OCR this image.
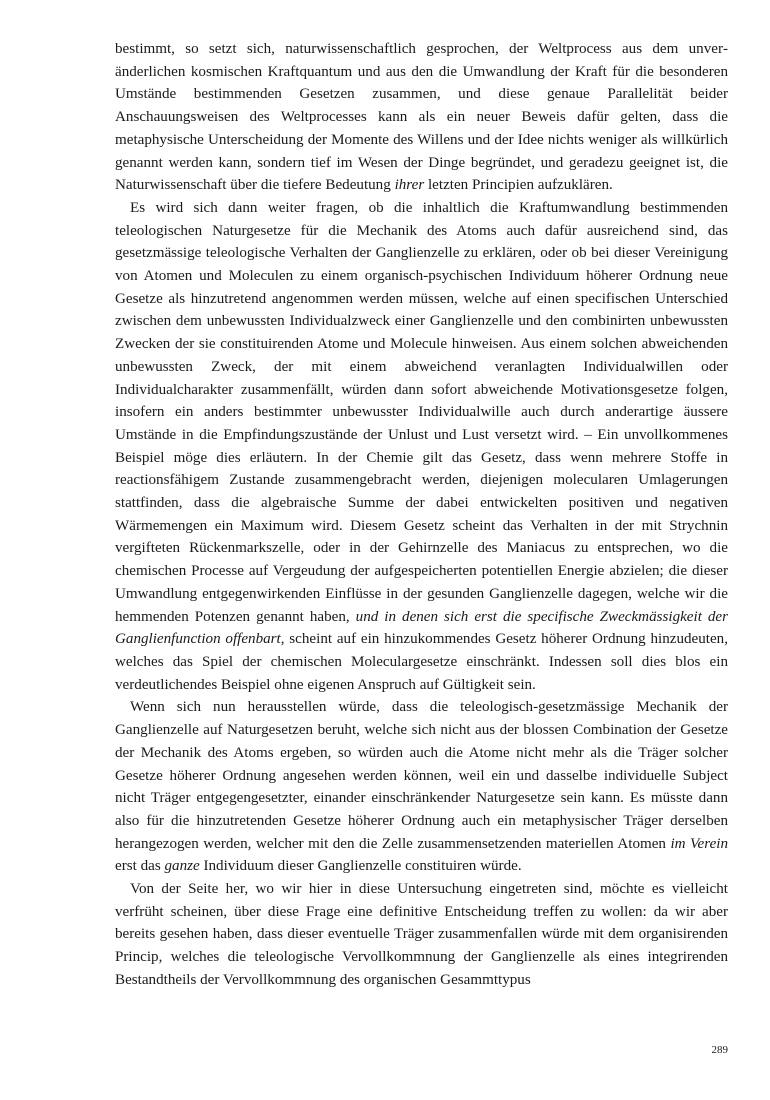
bestimmt, so setzt sich, naturwissenschaftlich gesprochen, der Weltprocess aus dem unveränderlichen kosmischen Kraftquantum und aus den die Umwandlung der Kraft für die besonderen Umstände bestimmenden Gesetzen zusammen, und diese genaue Parallelität beider Anschauungsweisen des Weltprocesses kann als ein neuer Beweis dafür gelten, dass die metaphysische Unterscheidung der Momente des Willens und der Idee nichts weniger als willkürlich genannt werden kann, sondern tief im Wesen der Dinge begründet, und geradezu geeignet ist, die Naturwissenschaft über die tiefere Bedeutung ihrer letzten Principien aufzuklären.

Es wird sich dann weiter fragen, ob die inhaltlich die Kraftumwandlung bestimmenden teleologischen Naturgesetze für die Mechanik des Atoms auch dafür ausreichend sind, das gesetzmässige teleologische Verhalten der Ganglienzelle zu erklären, oder ob bei dieser Vereinigung von Atomen und Moleculen zu einem organisch-psychischen Individuum höherer Ordnung neue Gesetze als hinzutretend angenommen werden müssen, welche auf einen specifischen Unterschied zwischen dem unbewussten Individualzweck einer Ganglienzelle und den combinirten unbewussten Zwecken der sie constituirenden Atome und Molecule hinweisen. Aus einem solchen abweichenden unbewussten Zweck, der mit einem abweichend veranlagten Individualwillen oder Individualcharakter zusammenfällt, würden dann sofort abweichende Motivationsgesetze folgen, insofern ein anders bestimmter unbewusster Individualwille auch durch anderartige äussere Umstände in die Empfindungszustände der Unlust und Lust versetzt wird. – Ein unvollkommenes Beispiel möge dies erläutern. In der Chemie gilt das Gesetz, dass wenn mehrere Stoffe in reactionsfähigem Zustande zusammengebracht werden, diejenigen molecularen Umlagerungen stattfinden, dass die algebraische Summe der dabei entwickelten positiven und negativen Wärmemengen ein Maximum wird. Diesem Gesetz scheint das Verhalten in der mit Strychnin vergifteten Rückenmarkszelle, oder in der Gehirnzelle des Maniacus zu entsprechen, wo die chemischen Processe auf Vergeudung der aufgespeicherten potentiellen Energie abzielen; die dieser Umwandlung entgegenwirkenden Einflüsse in der gesunden Ganglienzelle dagegen, welche wir die hemmenden Potenzen genannt haben, und in denen sich erst die specifische Zweckmässigkeit der Ganglienfunction offenbart, scheint auf ein hinzukommendes Gesetz höherer Ordnung hinzudeuten, welches das Spiel der chemischen Moleculargesetze einschränkt. Indessen soll dies blos ein verdeutlichendes Beispiel ohne eigenen Anspruch auf Gültigkeit sein.

Wenn sich nun herausstellen würde, dass die teleologisch-gesetzmässige Mechanik der Ganglienzelle auf Naturgesetzen beruht, welche sich nicht aus der blossen Combination der Gesetze der Mechanik des Atoms ergeben, so würden auch die Atome nicht mehr als die Träger solcher Gesetze höherer Ordnung angesehen werden können, weil ein und dasselbe individuelle Subject nicht Träger entgegengesetzter, einander einschränkender Naturgesetze sein kann. Es müsste dann also für die hinzutretenden Gesetze höherer Ordnung auch ein metaphysischer Träger derselben herangezogen werden, welcher mit den die Zelle zusammensetzenden materiellen Atomen im Verein erst das ganze Individuum dieser Ganglienzelle constituiren würde.

Von der Seite her, wo wir hier in diese Untersuchung eingetreten sind, möchte es vielleicht verfrüht scheinen, über diese Frage eine definitive Entscheidung treffen zu wollen: da wir aber bereits gesehen haben, dass dieser eventuelle Träger zusammenfallen würde mit dem organisirenden Princip, welches die teleologische Vervollkommnung der Ganglienzelle als eines integrirenden Bestandtheils der Vervollkommnung des organischen Gesammttypus

289
